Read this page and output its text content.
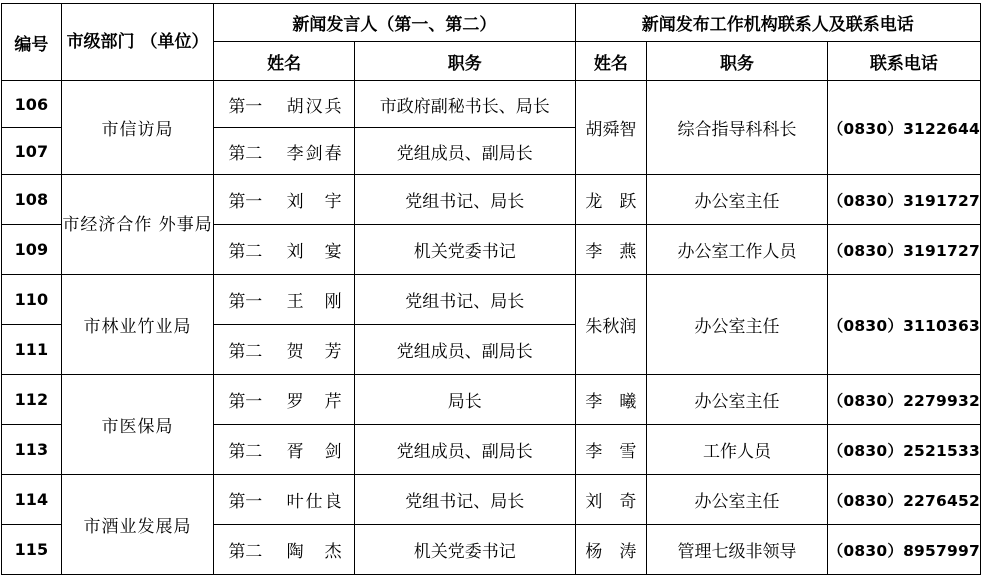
编号	市级部门 （单位）	新闻发言人（第一、第二）			新闻发布工作机构联系人及联系电话		
		姓名		职务	姓名	职务	联系电话
106	市信访局	第一	胡汉兵	市政府副秘书长、局长	胡舜智	综合指导科科长	（0830）3122644
107		第二	李剑春	党组成员、副局长			
108	市经济合作 外事局	第一	刘　宇	党组书记、局长	龙　跃	办公室主任	（0830）3191727
109		第二	刘　宴	机关党委书记	李　燕	办公室工作人员	（0830）3191727
110	市林业竹业局	第一	王　刚	党组书记、局长	朱秋润	办公室主任	（0830）3110363
111		第二	贺　芳	党组成员、副局长			
112	市医保局	第一	罗　芹	局长	李　曦	办公室主任	（0830）2279932
113		第二	胥　剑	党组成员、副局长	李　雪	工作人员	（0830）2521533
114	市酒业发展局	第一	叶仕良	党组书记、局长	刘　奇	办公室主任	（0830）2276452
115		第二	陶　杰	机关党委书记	杨　涛	管理七级非领导	（0830）8957997
